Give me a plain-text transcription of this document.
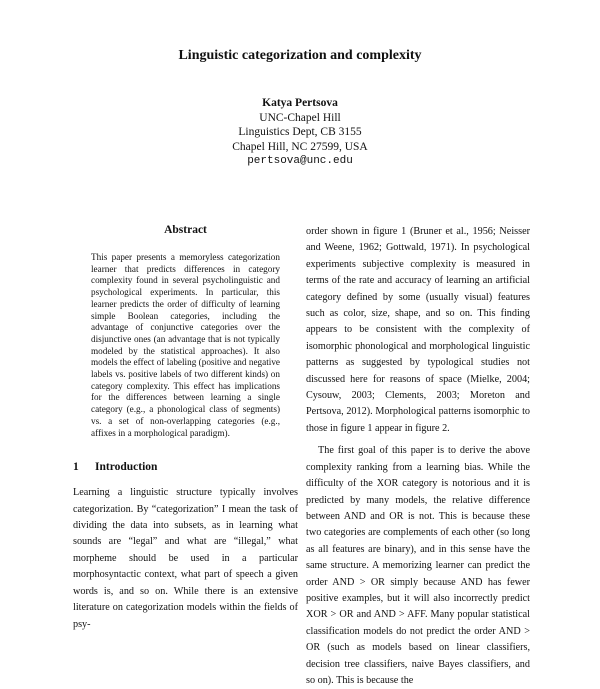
Linguistic categorization and complexity
Katya Pertsova
UNC-Chapel Hill
Linguistics Dept, CB 3155
Chapel Hill, NC 27599, USA
pertsova@unc.edu
Abstract

This paper presents a memoryless categorization learner that predicts differences in category complexity found in several psycholinguistic and psychological experiments. In particular, this learner predicts the order of difficulty of learning simple Boolean categories, including the advantage of conjunctive categories over the disjunctive ones (an advantage that is not typically modeled by the statistical approaches). It also models the effect of labeling (positive and negative labels vs. positive labels of two different kinds) on category complexity. This effect has implications for the differences between learning a single category (e.g., a phonological class of segments) vs. a set of non-overlapping categories (e.g., affixes in a morphological paradigm).

1 Introduction

Learning a linguistic structure typically involves categorization. By “categorization” I mean the task of dividing the data into subsets, as in learning what sounds are “legal” and what are “illegal,” what morpheme should be used in a particular morphosyntactic context, what part of speech a given words is, and so on. While there is an extensive literature on categorization models within the fields of psy-

order shown in figure 1 (Bruner et al., 1956; Neisser and Weene, 1962; Gottwald, 1971). In psychological experiments subjective complexity is measured in terms of the rate and accuracy of learning an artificial category defined by some (usually visual) features such as color, size, shape, and so on. This finding appears to be consistent with the complexity of isomorphic phonological and morphological linguistic patterns as suggested by typological studies not discussed here for reasons of space (Mielke, 2004; Cysouw, 2003; Clements, 2003; Moreton and Pertsova, 2012). Morphological patterns isomorphic to those in figure 1 appear in figure 2.

The first goal of this paper is to derive the above complexity ranking from a learning bias. While the difficulty of the XOR category is notorious and it is predicted by many models, the relative difference between AND and OR is not. This is because these two categories are complements of each other (so long as all features are binary), and in this sense have the same structure. A memorizing learner can predict the order AND > OR simply because AND has fewer positive examples, but it will also incorrectly predict XOR > OR and AND > AFF. Many popular statistical classification models do not predict the order AND > OR (such as models based on linear classifiers, decision tree classifiers, naive Bayes classifiers, and so on). This is because the
